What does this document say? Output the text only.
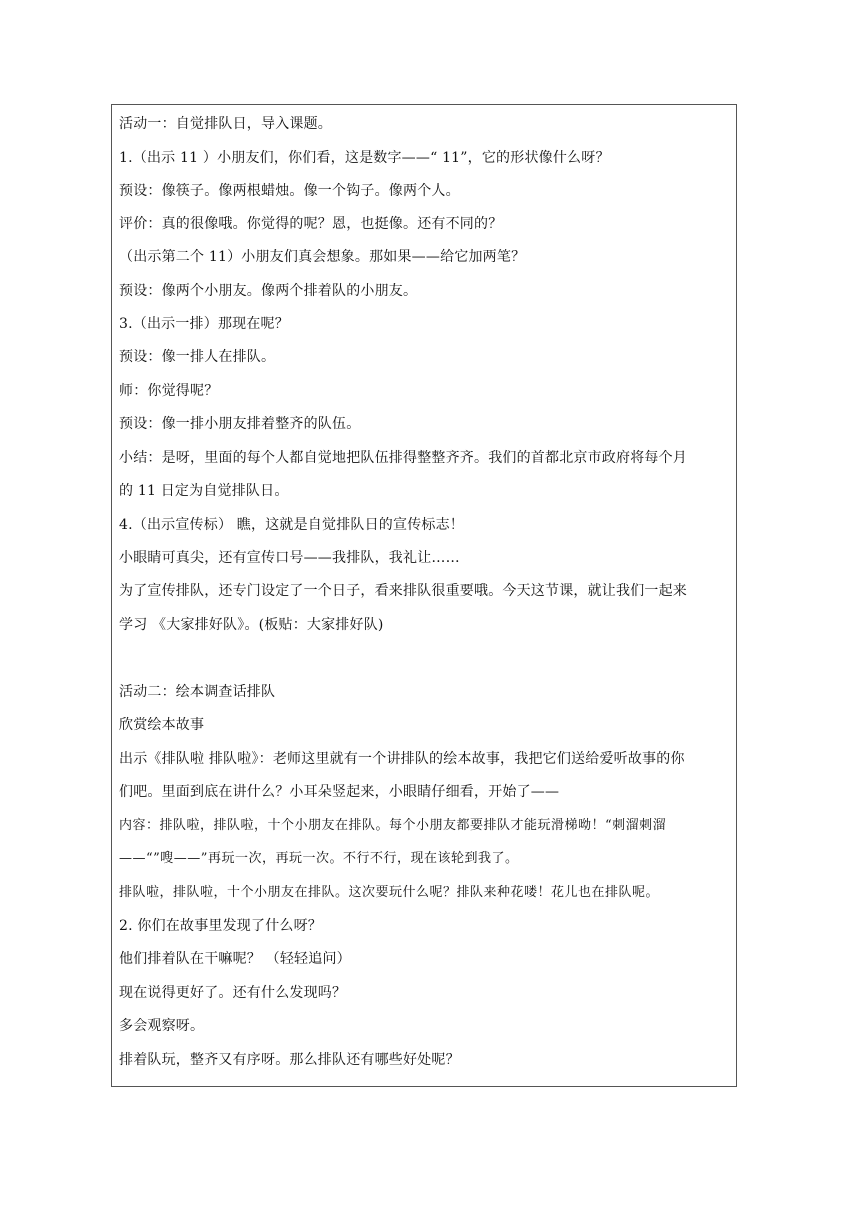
活动一：自觉排队日，导入课题。
1.（出示 11 ）小朋友们，你们看，这是数字——“ 11”，它的形状像什么呀？
预设：像筷子。像两根蜡烛。像一个钩子。像两个人。
评价：真的很像哦。你觉得的呢？恩，也挺像。还有不同的？
（出示第二个 11）小朋友们真会想象。那如果——给它加两笔？
预设：像两个小朋友。像两个排着队的小朋友。
3.（出示一排）那现在呢？
预设：像一排人在排队。
师：你觉得呢？
预设：像一排小朋友排着整齐的队伍。
小结：是呀，里面的每个人都自觉地把队伍排得整整齐齐。我们的首都北京市政府将每个月
的 11 日定为自觉排队日。
4.（出示宣传标） 瞧，这就是自觉排队日的宣传标志！
小眼睛可真尖，还有宣传口号——我排队，我礼让……
为了宣传排队，还专门设定了一个日子，看来排队很重要哦。今天这节课，就让我们一起来
学习 《大家排好队》。(板贴：大家排好队)
活动二：绘本调查话排队
欣赏绘本故事
出示《排队啦 排队啦》：老师这里就有一个讲排队的绘本故事，我把它们送给爱听故事的你
们吧。里面到底在讲什么？小耳朵竖起来，小眼睛仔细看，开始了——
内容：排队啦，排队啦，十个小朋友在排队。每个小朋友都要排队才能玩滑梯呦！“刺溜刺溜
——“”嗖——”再玩一次，再玩一次。不行不行，现在该轮到我了。
排队啦，排队啦，十个小朋友在排队。这次要玩什么呢？排队来种花喽！花儿也在排队呢。
2. 你们在故事里发现了什么呀？
他们排着队在干嘛呢？ （轻轻追问）
现在说得更好了。还有什么发现吗？
多会观察呀。
排着队玩，整齐又有序呀。那么排队还有哪些好处呢？
